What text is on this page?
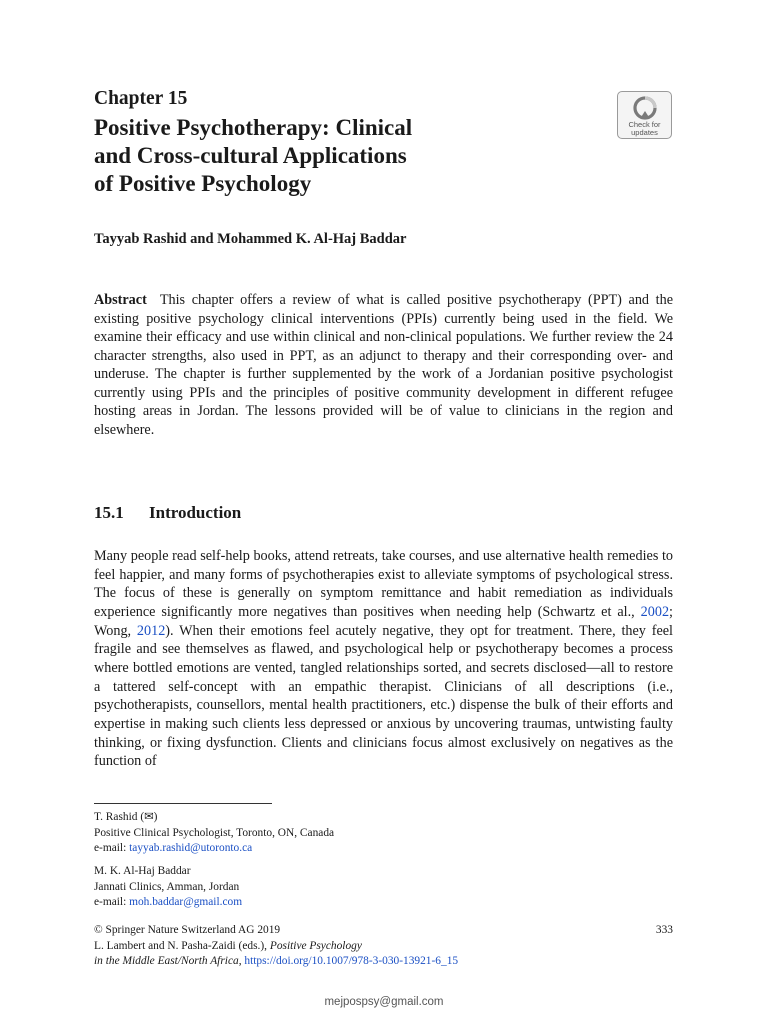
Chapter 15
Positive Psychotherapy: Clinical
and Cross-cultural Applications
of Positive Psychology
Check for
updates
Tayyab Rashid and Mohammed K. Al-Haj Baddar
Abstract This chapter offers a review of what is called positive psychotherapy (PPT) and the existing positive psychology clinical interventions (PPIs) currently being used in the field. We examine their efficacy and use within clinical and non-clinical populations. We further review the 24 character strengths, also used in PPT, as an adjunct to therapy and their corresponding over- and underuse. The chapter is further supplemented by the work of a Jordanian positive psychologist currently using PPIs and the principles of positive community development in different refugee hosting areas in Jordan. The lessons provided will be of value to clinicians in the region and elsewhere.
15.1 Introduction
Many people read self-help books, attend retreats, take courses, and use alternative health remedies to feel happier, and many forms of psychotherapies exist to alleviate symptoms of psychological stress. The focus of these is generally on symptom remittance and habit remediation as individuals experience significantly more negatives than positives when needing help (Schwartz et al., 2002; Wong, 2012). When their emotions feel acutely negative, they opt for treatment. There, they feel fragile and see themselves as flawed, and psychological help or psychotherapy becomes a process where bottled emotions are vented, tangled relationships sorted, and secrets disclosed—all to restore a tattered self-concept with an empathic therapist. Clinicians of all descriptions (i.e., psychotherapists, counsellors, mental health practitioners, etc.) dispense the bulk of their efforts and expertise in making such clients less depressed or anxious by uncovering traumas, untwisting faulty thinking, or fixing dysfunction. Clients and clinicians focus almost exclusively on negatives as the function of
T. Rashid (✉)
Positive Clinical Psychologist, Toronto, ON, Canada
e-mail: tayyab.rashid@utoronto.ca
M. K. Al-Haj Baddar
Jannati Clinics, Amman, Jordan
e-mail: moh.baddar@gmail.com
© Springer Nature Switzerland AG 2019	333
L. Lambert and N. Pasha-Zaidi (eds.), Positive Psychology
in the Middle East/North Africa, https://doi.org/10.1007/978-3-030-13921-6_15
mejpospsy@gmail.com
